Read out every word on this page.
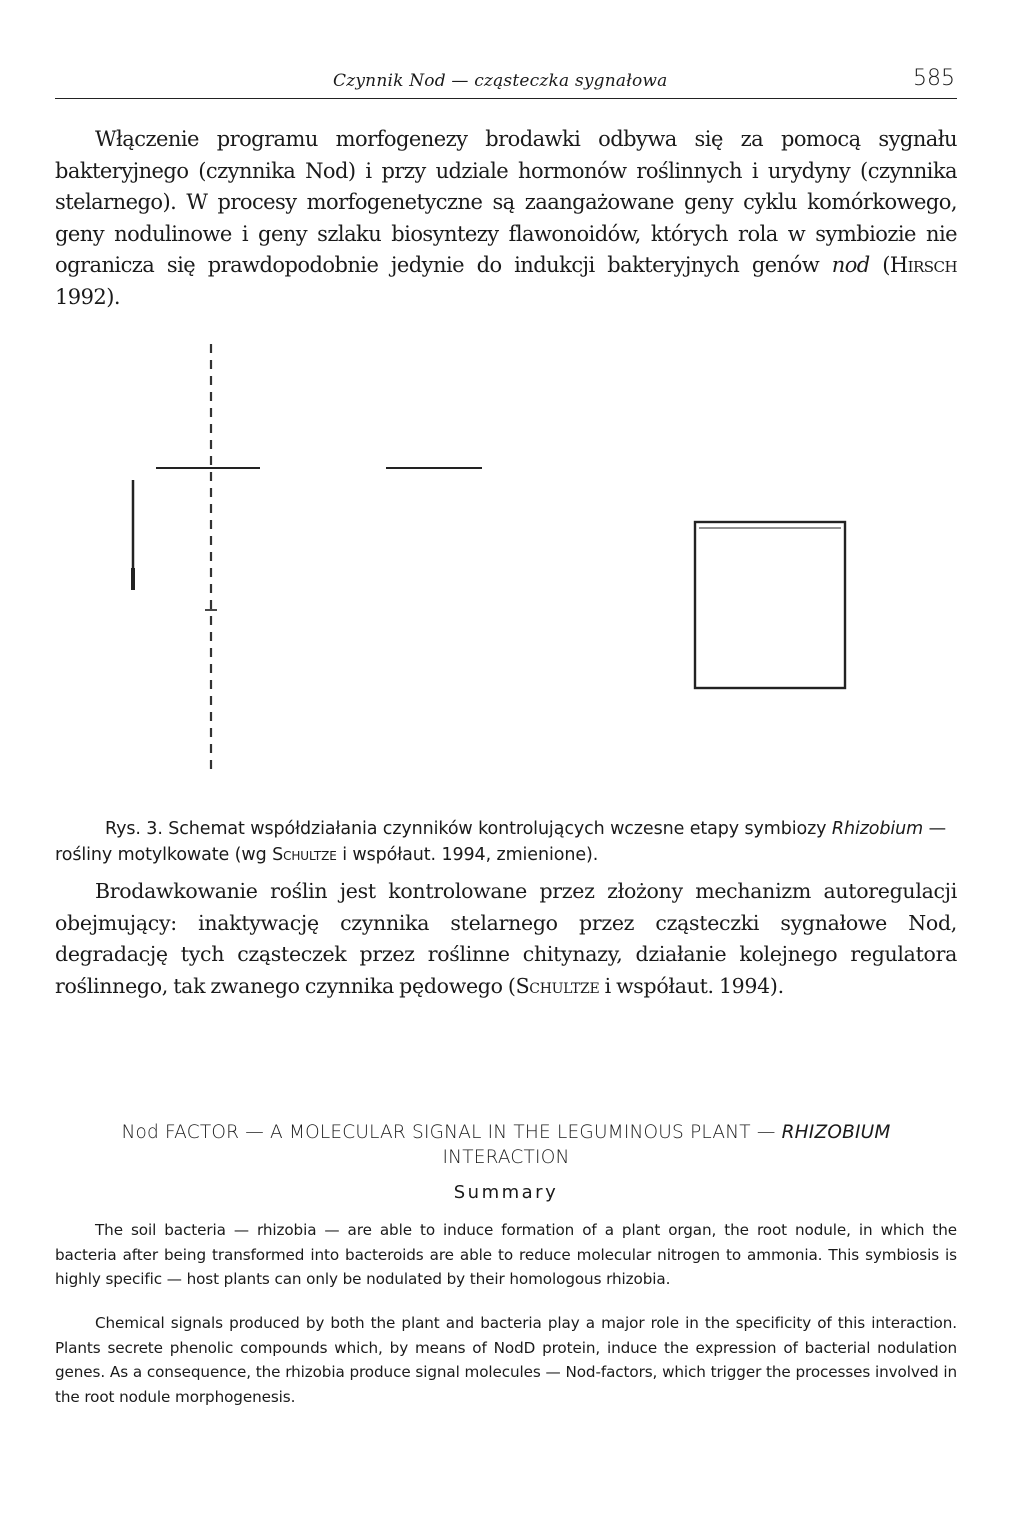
Czynnik Nod — cząsteczka sygnałowa	585

Włączenie programu morfogenezy brodawki odbywa się za pomocą sygnału bakteryjnego (czynnika Nod) i przy udziale hormonów roślinnych i urydyny (czynnika stelarnego). W procesy morfogenetyczne są zaangażowane geny cyklu komórkowego, geny nodulinowe i geny szlaku biosyntezy flawonoidów, których rola w symbiozie nie ogranicza się prawdopodobnie jedynie do indukcji bakteryjnych genów nod (Hirsch 1992).

Rys. 3. Schemat współdziałania czynników kontrolujących wczesne etapy symbiozy Rhizobium — rośliny motylkowate (wg Schultze i współaut. 1994, zmienione).

Brodawkowanie roślin jest kontrolowane przez złożony mechanizm autoregulacji obejmujący: inaktywację czynnika stelarnego przez cząsteczki sygnałowe Nod, degradację tych cząsteczek przez roślinne chitynazy, działanie kolejnego regulatora roślinnego, tak zwanego czynnika pędowego (Schultze i współaut. 1994).

Nod FACTOR — A MOLECULAR SIGNAL IN THE LEGUMINOUS PLANT — RHIZOBIUM INTERACTION
Summary

The soil bacteria — rhizobia — are able to induce formation of a plant organ, the root nodule, in which the bacteria after being transformed into bacteroids are able to reduce molecular nitrogen to ammonia. This symbiosis is highly specific — host plants can only be nodulated by their homologous rhizobia.

Chemical signals produced by both the plant and bacteria play a major role in the specificity of this interaction. Plants secrete phenolic compounds which, by means of NodD protein, induce the expression of bacterial nodulation genes. As a consequence, the rhizobia produce signal molecules — Nod-factors, which trigger the processes involved in the root nodule morphogenesis.
